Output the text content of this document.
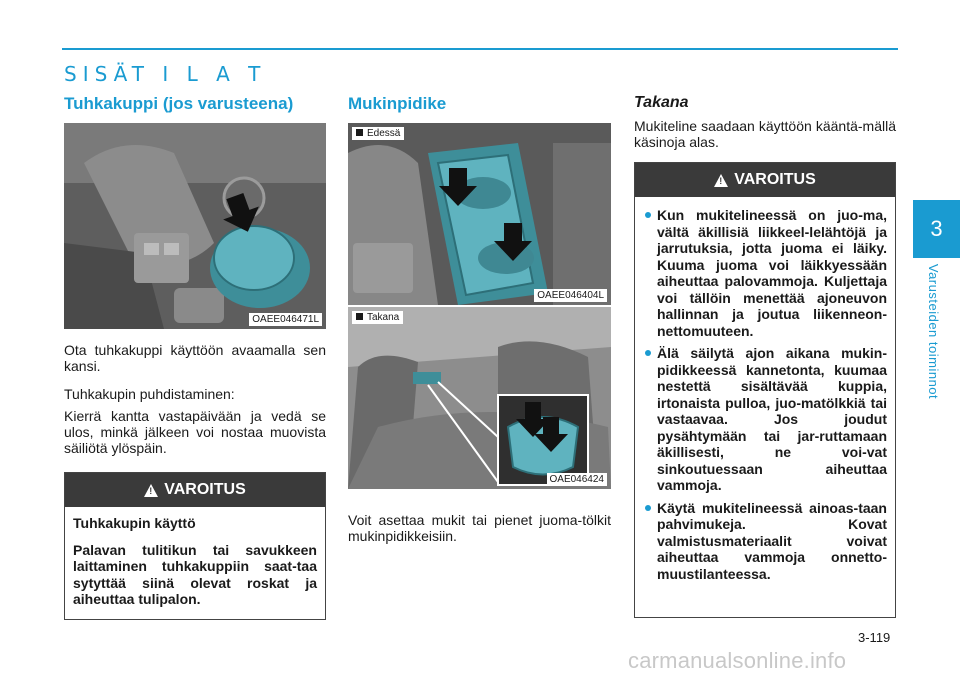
SISÄT I L A T
3
Varusteiden toiminnot
Tuhkakuppi (jos varusteena)
OAEE046471L
Ota tuhkakuppi käyttöön avaamalla sen kansi.
Tuhkakupin puhdistaminen:
Kierrä kantta vastapäivään ja vedä se ulos, minkä jälkeen voi nostaa muovista säiliötä ylöspäin.
!
VAROITUS

Tuhkakupin käyttö

Palavan tulitikun tai savukkeen laittaminen tuhkakuppiin saat-taa sytyttää siinä olevat roskat ja aiheuttaa tulipalon.

Mukinpidike
Edessä
OAEE046404L
Takana
OAE046424
Voit asettaa mukit tai pienet juoma-tölkit mukinpidikkeisiin.
Takana
Mukiteline saadaan käyttöön kääntä-mällä käsinoja alas.
!
VAROITUS
Kun mukitelineessä on juo-ma, vältä äkillisiä liikkeel-lelähtöjä ja jarrutuksia, jotta juoma ei läiky. Kuuma juoma voi läikkyessään aiheuttaa palovammoja. Kuljettaja voi tällöin menettää ajoneuvon hallinnan ja joutua liikenneon-nettomuuteen.
Älä säilytä ajon aikana mukin-pidikkeessä kannetonta, kuumaa nestettä sisältävää kuppia, irtonaista pulloa, juo-matölkkiä tai vastaavaa. Jos joudut pysähtymään tai jar-ruttamaan äkillisesti, ne voi-vat sinkoutuessaan aiheuttaa vammoja.
Käytä mukitelineessä ainoas-taan pahvimukeja. Kovat valmistusmateriaalit voivat aiheuttaa vammoja onnetto-muustilanteessa.
3-119
carmanualsonline.info
